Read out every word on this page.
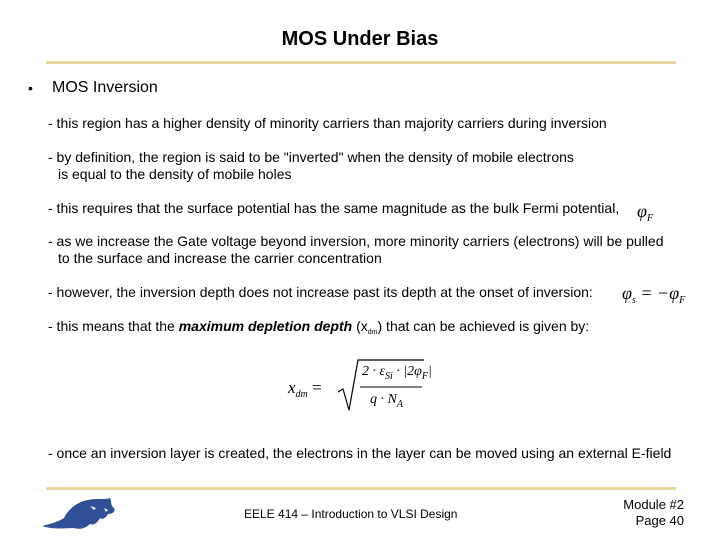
MOS Under Bias
• MOS Inversion
- this region has a higher density of minority carriers than majority carriers during inversion
- by definition, the region is said to be "inverted" when the density of mobile electrons
is equal to the density of mobile holes
- this requires that the surface potential has the same magnitude as the bulk Fermi potential, $\varphi_F$
- as we increase the Gate voltage beyond inversion, more minority carriers (electrons) will be pulled
to the surface and increase the carrier concentration
- however, the inversion depth does not increase past its depth at the onset of inversion: $\varphi_s = -\varphi_F$
- this means that the maximum depletion depth $(x_{dm})$ that can be achieved is given by:
$x_{dm}$ =
$2 \cdot \varepsilon_{Si} \cdot |2\varphi_F|$
$q \cdot N_A$
- once an inversion layer is created, the electrons in the layer can be moved using an external E-field
EELE 414 – Introduction to VLSI Design
Module #2
Page 40
